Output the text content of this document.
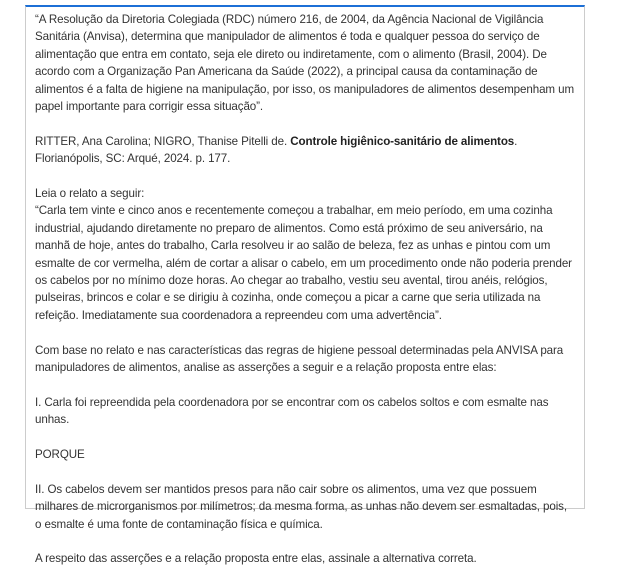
“A Resolução da Diretoria Colegiada (RDC) número 216, de 2004, da Agência Nacional de Vigilância Sanitária (Anvisa), determina que manipulador de alimentos é toda e qualquer pessoa do serviço de alimentação que entra em contato, seja ele direto ou indiretamente, com o alimento (Brasil, 2004). De acordo com a Organização Pan Americana da Saúde (2022), a principal causa da contaminação de alimentos é a falta de higiene na manipulação, por isso, os manipuladores de alimentos desempenham um papel importante para corrigir essa situação”.

RITTER, Ana Carolina; NIGRO, Thanise Pitelli de. Controle higiênico-sanitário de alimentos. Florianópolis, SC: Arqué, 2024. p. 177.

Leia o relato a seguir:

“Carla tem vinte e cinco anos e recentemente começou a trabalhar, em meio período, em uma cozinha industrial, ajudando diretamente no preparo de alimentos. Como está próximo de seu aniversário, na manhã de hoje, antes do trabalho, Carla resolveu ir ao salão de beleza, fez as unhas e pintou com um esmalte de cor vermelha, além de cortar a alisar o cabelo, em um procedimento onde não poderia prender os cabelos por no mínimo doze horas. Ao chegar ao trabalho, vestiu seu avental, tirou anéis, relógios, pulseiras, brincos e colar e se dirigiu à cozinha, onde começou a picar a carne que seria utilizada na refeição. Imediatamente sua coordenadora a repreendeu com uma advertência”.

Com base no relato e nas características das regras de higiene pessoal determinadas pela ANVISA para manipuladores de alimentos, analise as asserções a seguir e a relação proposta entre elas:

I. Carla foi repreendida pela coordenadora por se encontrar com os cabelos soltos e com esmalte nas unhas.

PORQUE

II. Os cabelos devem ser mantidos presos para não cair sobre os alimentos, uma vez que possuem milhares de microrganismos por milímetros; da mesma forma, as unhas não devem ser esmaltadas, pois, o esmalte é uma fonte de contaminação física e química.

A respeito das asserções e a relação proposta entre elas, assinale a alternativa correta.
